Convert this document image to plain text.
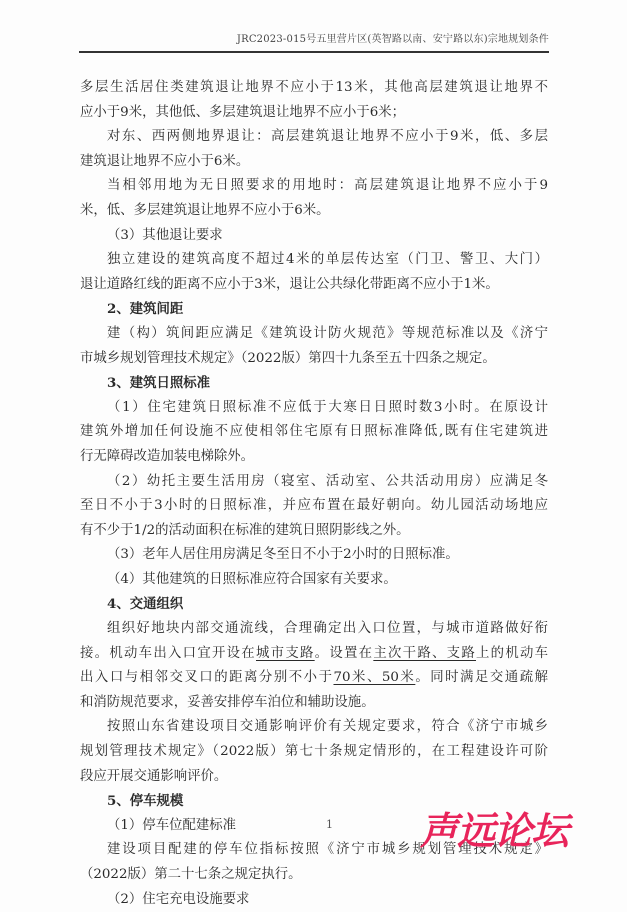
JRC2023-015号五里营片区(英智路以南、安宁路以东)宗地规划条件
多层生活居住类建筑退让地界不应小于13米，其他高层建筑退让地界不
应小于9米，其他低、多层建筑退让地界不应小于6米；
对东、西两侧地界退让：高层建筑退让地界不应小于9米，低、多层
建筑退让地界不应小于6米。
当相邻用地为无日照要求的用地时：高层建筑退让地界不应小于9
米，低、多层建筑退让地界不应小于6米。
（3）其他退让要求
独立建设的建筑高度不超过4米的单层传达室（门卫、警卫、大门）
退让道路红线的距离不应小于3米，退让公共绿化带距离不应小于1米。
2、建筑间距
建（构）筑间距应满足《建筑设计防火规范》等规范标准以及《济宁
市城乡规划管理技术规定》（2022版）第四十九条至五十四条之规定。
3、建筑日照标准
（1）住宅建筑日照标准不应低于大寒日日照时数3小时。在原设计
建筑外增加任何设施不应使相邻住宅原有日照标准降低,既有住宅建筑进
行无障碍改造加装电梯除外。
（2）幼托主要生活用房（寝室、活动室、公共活动用房）应满足冬
至日不小于3小时的日照标准，并应布置在最好朝向。幼儿园活动场地应
有不少于1/2的活动面积在标准的建筑日照阴影线之外。
（3）老年人居住用房满足冬至日不小于2小时的日照标准。
（4）其他建筑的日照标准应符合国家有关要求。
4、交通组织
组织好地块内部交通流线，合理确定出入口位置，与城市道路做好衔
接。机动车出入口宜开设在城市支路。设置在主次干路、支路上的机动车
出入口与相邻交叉口的距离分别不小于70米、50米。同时满足交通疏解
和消防规范要求，妥善安排停车泊位和辅助设施。
按照山东省建设项目交通影响评价有关规定要求，符合《济宁市城乡
规划管理技术规定》（2022版）第七十条规定情形的，在工程建设许可阶
段应开展交通影响评价。
5、停车规模
（1）停车位配建标准
建设项目配建的停车位指标按照《济宁市城乡规划管理技术规定》
（2022版）第二十七条之规定执行。
（2）住宅充电设施要求
1 声远论坛
